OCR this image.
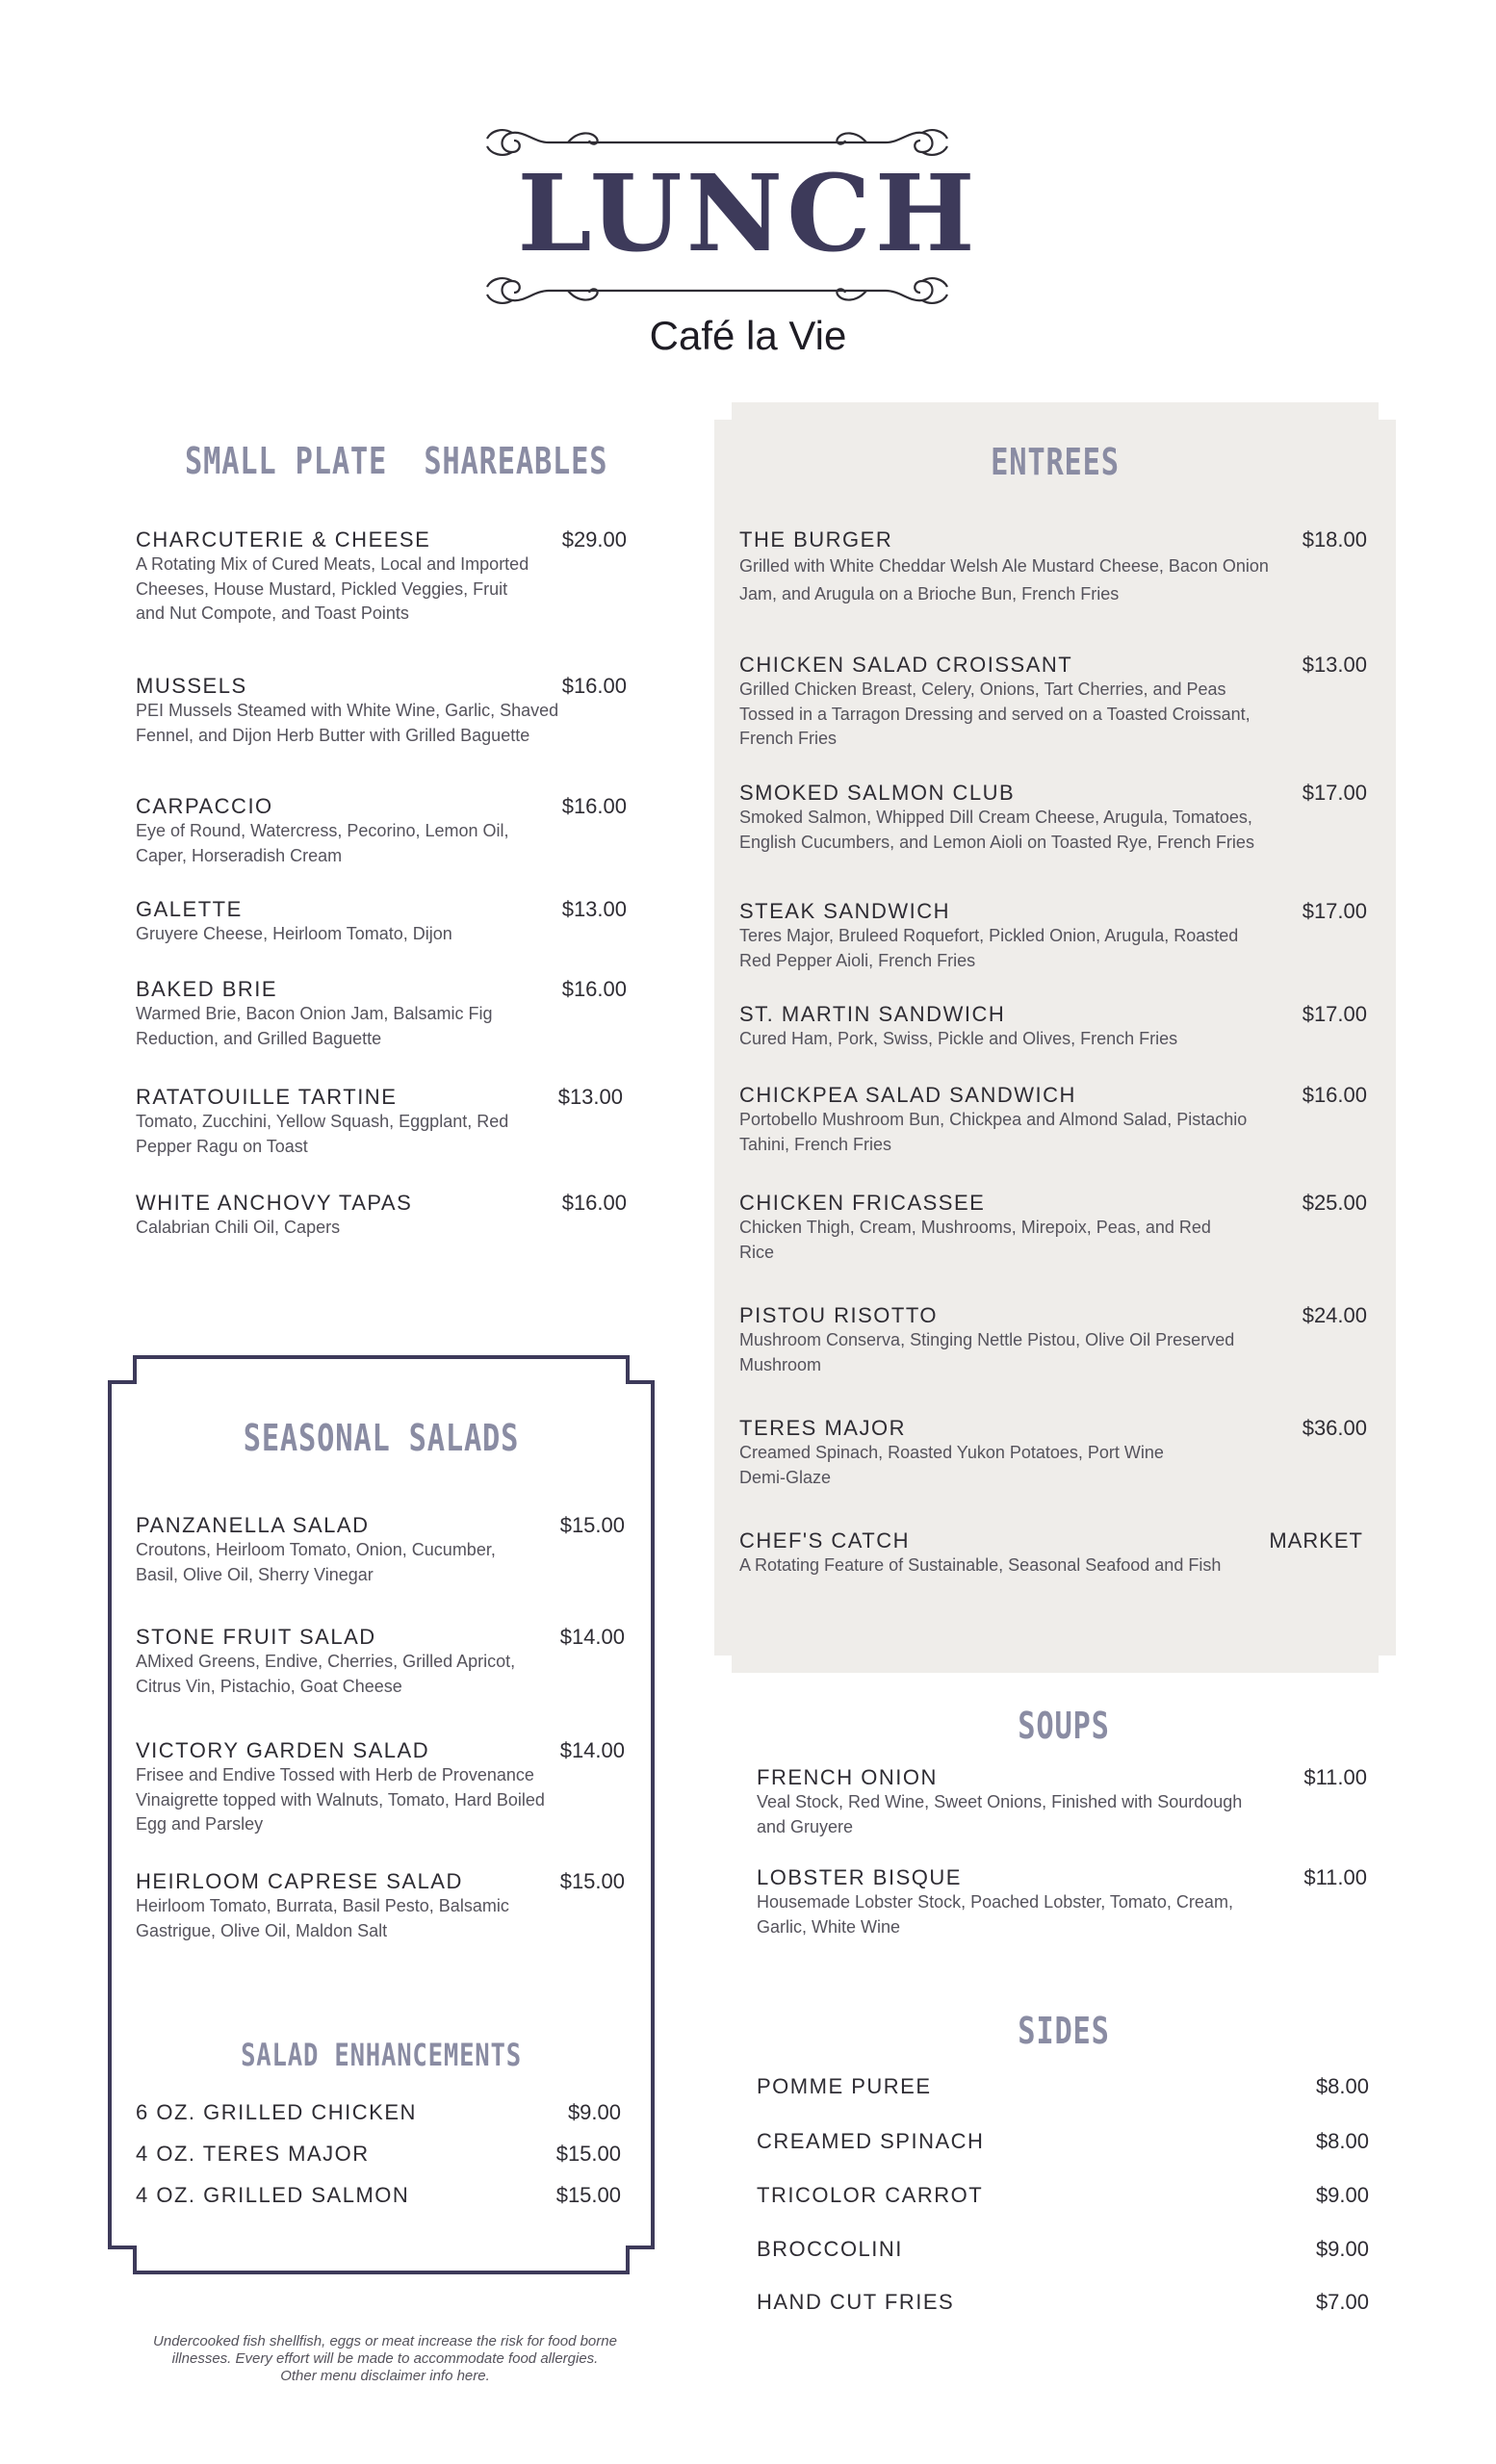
LUNCH
Café la Vie
SMALL PLATE  SHAREABLES	ENTREES
SEASONAL SALADS
SALAD ENHANCEMENTS
SOUPS
SIDES
CHARCUTERIE & CHEESE	$29.00
A Rotating Mix of Cured Meats, Local and Imported Cheeses, House Mustard, Pickled Veggies, Fruit and Nut Compote, and Toast Points
MUSSELS	$16.00
PEI Mussels Steamed with White Wine, Garlic, Shaved Fennel, and Dijon Herb Butter with Grilled Baguette
CARPACCIO	$16.00
Eye of Round, Watercress, Pecorino, Lemon Oil, Caper, Horseradish Cream
GALETTE	$13.00
Gruyere Cheese, Heirloom Tomato, Dijon
BAKED BRIE	$16.00
Warmed Brie, Bacon Onion Jam, Balsamic Fig Reduction, and Grilled Baguette
RATATOUILLE TARTINE	$13.00
Tomato, Zucchini, Yellow Squash, Eggplant, Red Pepper Ragu on Toast
WHITE ANCHOVY TAPAS	$16.00
Calabrian Chili Oil, Capers
THE BURGER	$18.00
Grilled with White Cheddar Welsh Ale Mustard Cheese, Bacon Onion Jam, and Arugula on a Brioche Bun, French Fries
CHICKEN SALAD CROISSANT	$13.00
Grilled Chicken Breast, Celery, Onions, Tart Cherries, and Peas Tossed in a Tarragon Dressing and served on a Toasted Croissant, French Fries
SMOKED SALMON CLUB	$17.00
Smoked Salmon, Whipped Dill Cream Cheese, Arugula, Tomatoes, English Cucumbers, and Lemon Aioli on Toasted Rye, French Fries
STEAK SANDWICH	$17.00
Teres Major, Bruleed Roquefort, Pickled Onion, Arugula, Roasted Red Pepper Aioli, French Fries
ST. MARTIN SANDWICH	$17.00
Cured Ham, Pork, Swiss, Pickle and Olives, French Fries
CHICKPEA SALAD SANDWICH	$16.00
Portobello Mushroom Bun, Chickpea and Almond Salad, Pistachio Tahini, French Fries
CHICKEN FRICASSEE	$25.00
Chicken Thigh, Cream, Mushrooms, Mirepoix, Peas, and Red Rice
PISTOU RISOTTO	$24.00
Mushroom Conserva, Stinging Nettle Pistou, Olive Oil Preserved Mushroom
TERES MAJOR	$36.00
Creamed Spinach, Roasted Yukon Potatoes, Port Wine Demi-Glaze
CHEF'S CATCH	MARKET
A Rotating Feature of Sustainable, Seasonal Seafood and Fish
PANZANELLA SALAD	$15.00
Croutons, Heirloom Tomato, Onion, Cucumber, Basil, Olive Oil, Sherry Vinegar
STONE FRUIT SALAD	$14.00
AMixed Greens, Endive, Cherries, Grilled Apricot, Citrus Vin, Pistachio, Goat Cheese
VICTORY GARDEN SALAD	$14.00
Frisee and Endive Tossed with Herb de Provenance Vinaigrette topped with Walnuts, Tomato, Hard Boiled Egg and Parsley
HEIRLOOM CAPRESE SALAD	$15.00
Heirloom Tomato, Burrata, Basil Pesto, Balsamic Gastrigue, Olive Oil, Maldon Salt
6 OZ. GRILLED CHICKEN	$9.00
4 OZ. TERES MAJOR	$15.00
4 OZ. GRILLED SALMON	$15.00
FRENCH ONION	$11.00
Veal Stock, Red Wine, Sweet Onions, Finished with Sourdough and Gruyere
LOBSTER BISQUE	$11.00
Housemade Lobster Stock, Poached Lobster, Tomato, Cream, Garlic, White Wine
POMME PUREE	$8.00
CREAMED SPINACH	$8.00
TRICOLOR CARROT	$9.00
BROCCOLINI	$9.00
HAND CUT FRIES	$7.00
Undercooked fish shellfish, eggs or meat increase the risk for food borne
illnesses. Every effort will be made to accommodate food allergies.
Other menu disclaimer info here.
